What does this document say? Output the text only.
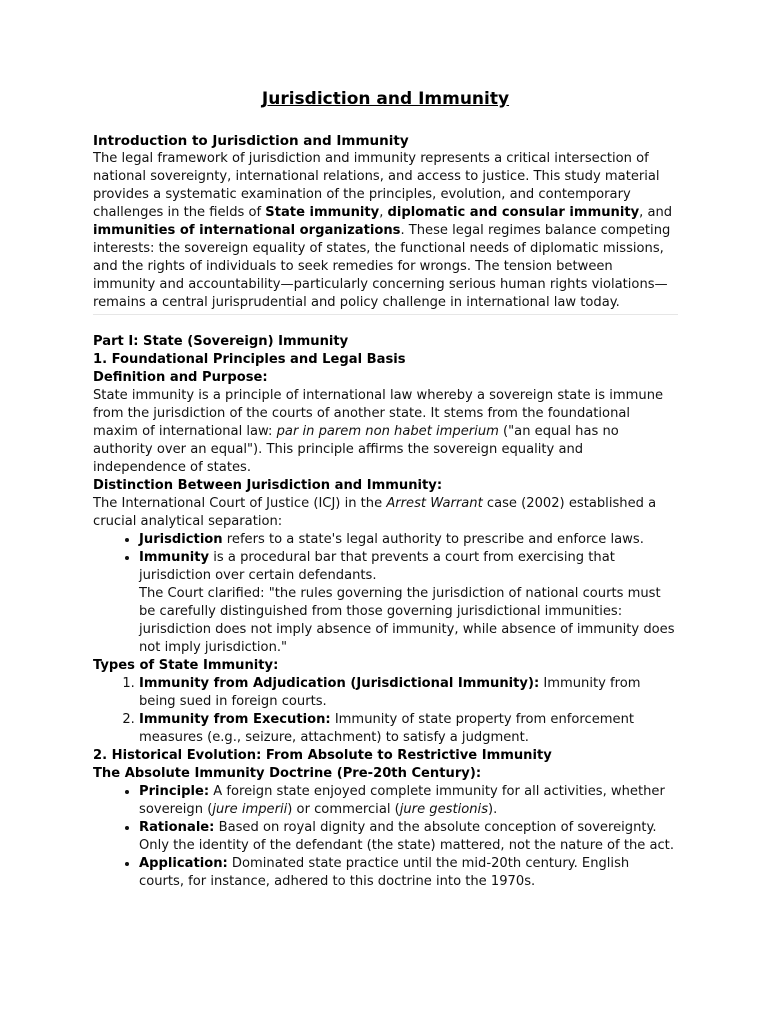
Jurisdiction and Immunity
Introduction to Jurisdiction and Immunity

The legal framework of jurisdiction and immunity represents a critical intersection of national sovereignty, international relations, and access to justice. This study material provides a systematic examination of the principles, evolution, and contemporary challenges in the fields of State immunity, diplomatic and consular immunity, and immunities of international organizations. These legal regimes balance competing interests: the sovereign equality of states, the functional needs of diplomatic missions, and the rights of individuals to seek remedies for wrongs. The tension between immunity and accountability—particularly concerning serious human rights violations—remains a central jurisprudential and policy challenge in international law today.

Part I: State (Sovereign) Immunity
1. Foundational Principles and Legal Basis
Definition and Purpose:

State immunity is a principle of international law whereby a sovereign state is immune from the jurisdiction of the courts of another state. It stems from the foundational maxim of international law: par in parem non habet imperium ("an equal has no authority over an equal"). This principle affirms the sovereign equality and independence of states.

Distinction Between Jurisdiction and Immunity:

The International Court of Justice (ICJ) in the Arrest Warrant case (2002) established a crucial analytical separation:

• Jurisdiction refers to a state's legal authority to prescribe and enforce laws.
• Immunity is a procedural bar that prevents a court from exercising that jurisdiction over certain defendants.
The Court clarified: "the rules governing the jurisdiction of national courts must be carefully distinguished from those governing jurisdictional immunities: jurisdiction does not imply absence of immunity, while absence of immunity does not imply jurisdiction."
Types of State Immunity:
1. Immunity from Adjudication (Jurisdictional Immunity): Immunity from being sued in foreign courts.
2. Immunity from Execution: Immunity of state property from enforcement measures (e.g., seizure, attachment) to satisfy a judgment.
2. Historical Evolution: From Absolute to Restrictive Immunity
The Absolute Immunity Doctrine (Pre-20th Century):
• Principle: A foreign state enjoyed complete immunity for all activities, whether sovereign (jure imperii) or commercial (jure gestionis).
• Rationale: Based on royal dignity and the absolute conception of sovereignty. Only the identity of the defendant (the state) mattered, not the nature of the act.
• Application: Dominated state practice until the mid-20th century. English courts, for instance, adhered to this doctrine into the 1970s.
